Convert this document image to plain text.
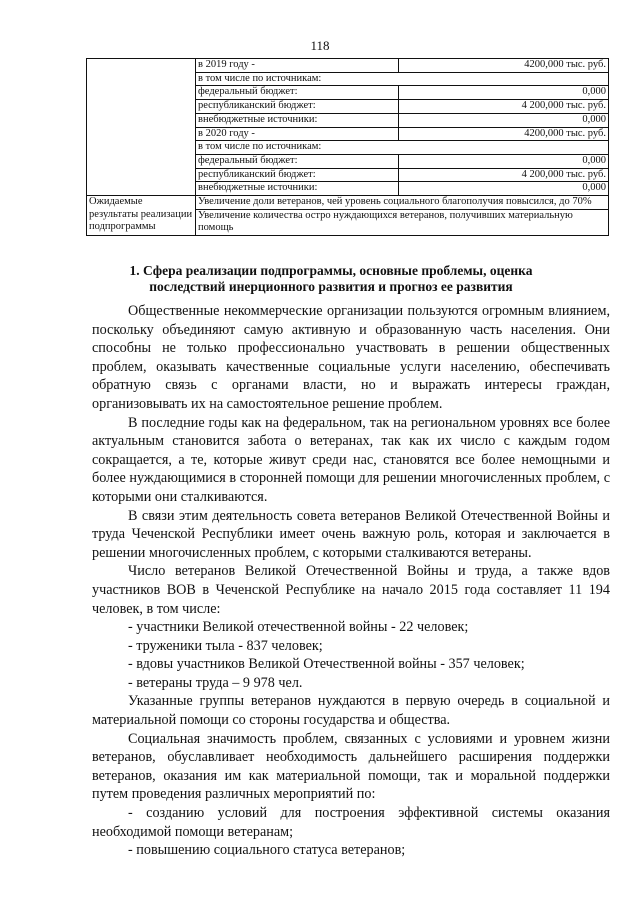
118
	в 2019 году -	4200,000 тыс. руб.
	в том числе по источникам:	
	федеральный бюджет:	0,000
	республиканский бюджет:	4 200,000 тыс. руб.
	внебюджетные источники:	0,000
	в 2020 году -	4200,000 тыс. руб.
	в том числе по источникам:	
	федеральный бюджет:	0,000
	республиканский бюджет:	4 200,000 тыс. руб.
	внебюджетные источники:	0,000
Ожидаемые результаты реализации подпрограммы	Увеличение доли ветеранов, чей уровень социального благополучия повысился, до 70%	
	Увеличение количества остро нуждающихся ветеранов, получивших материальную помощь	
1. Сфера реализации подпрограммы, основные проблемы, оценка последствий инерционного развития и прогноз ее развития

Общественные некоммерческие организации пользуются огромным влиянием, поскольку объединяют самую активную и образованную часть населения. Они способны не только профессионально участвовать в решении общественных проблем, оказывать качественные социальные услуги населению, обеспечивать обратную связь с органами власти, но и выражать интересы граждан, организовывать их на самостоятельное решение проблем.

В последние годы как на федеральном, так на региональном уровнях все более актуальным становится забота о ветеранах, так как их число с каждым годом сокращается, а те, которые живут среди нас, становятся все более немощными и более нуждающимися в сторонней помощи для решении многочисленных проблем, с которыми они сталкиваются.

В связи этим деятельность совета ветеранов Великой Отечественной Войны и труда Чеченской Республики имеет очень важную роль, которая и заключается в решении многочисленных проблем, с которыми сталкиваются ветераны.

Число ветеранов Великой Отечественной Войны и труда, а также вдов участников ВОВ в Чеченской Республике на начало 2015 года составляет 11 194 человек, в том числе:

- участники Великой отечественной войны - 22 человек;

- труженики тыла - 837 человек;

- вдовы участников Великой Отечественной войны - 357 человек;

- ветераны труда – 9 978 чел.

Указанные группы ветеранов нуждаются в первую очередь в социальной и материальной помощи со стороны государства и общества.

Социальная значимость проблем, связанных с условиями и уровнем жизни ветеранов, обуславливает необходимость дальнейшего расширения поддержки ветеранов, оказания им как материальной помощи, так и моральной поддержки путем проведения различных мероприятий по:

- созданию условий для построения эффективной системы оказания необходимой помощи ветеранам;

- повышению социального статуса ветеранов;
